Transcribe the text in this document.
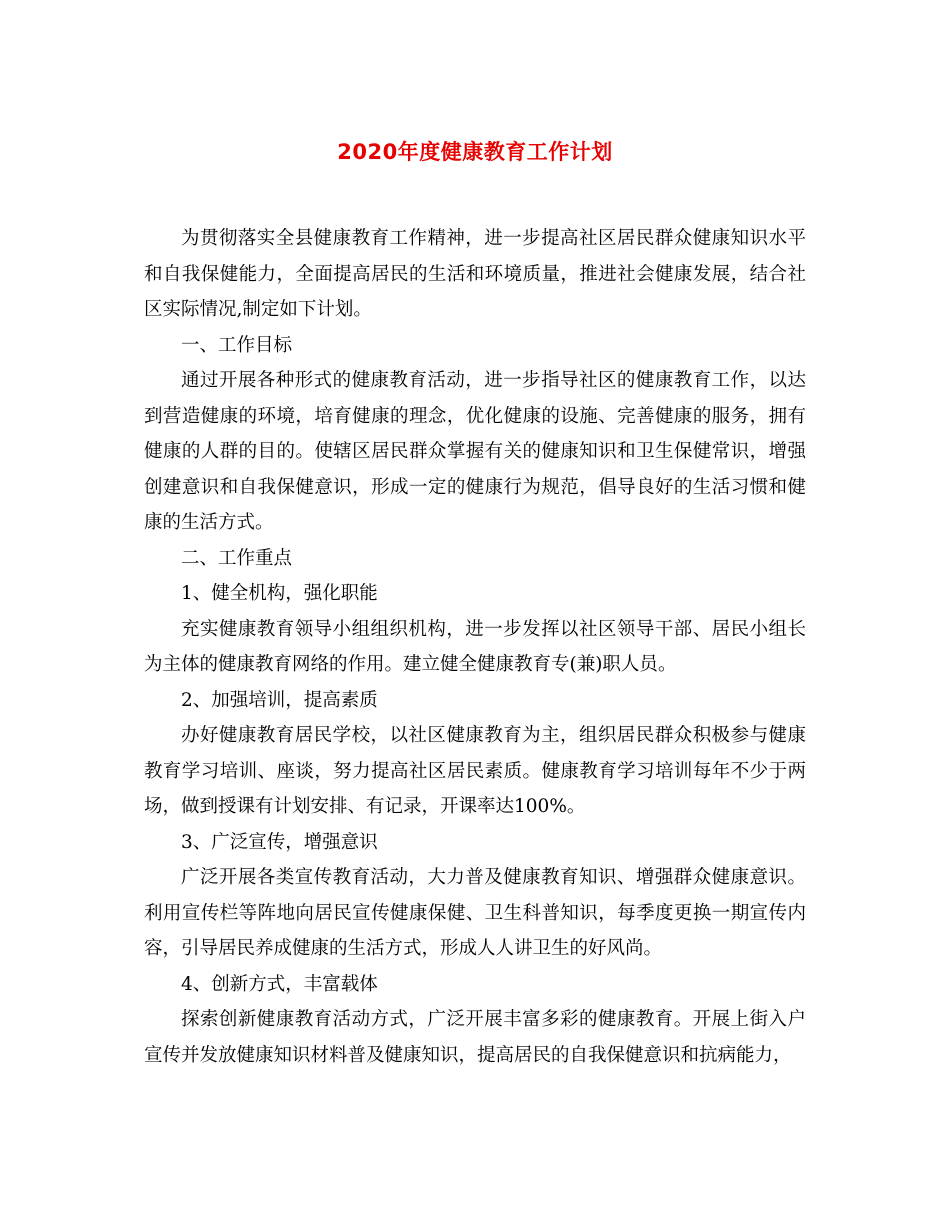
2020年度健康教育工作计划

为贯彻落实全县健康教育工作精神，进一步提高社区居民群众健康知识水平和自我保健能力，全面提高居民的生活和环境质量，推进社会健康发展，结合社区实际情况,制定如下计划。

一、工作目标

通过开展各种形式的健康教育活动，进一步指导社区的健康教育工作，以达到营造健康的环境，培育健康的理念，优化健康的设施、完善健康的服务，拥有健康的人群的目的。使辖区居民群众掌握有关的健康知识和卫生保健常识，增强创建意识和自我保健意识，形成一定的健康行为规范，倡导良好的生活习惯和健康的生活方式。

二、工作重点

1、健全机构，强化职能

充实健康教育领导小组组织机构，进一步发挥以社区领导干部、居民小组长为主体的健康教育网络的作用。建立健全健康教育专(兼)职人员。

2、加强培训，提高素质

办好健康教育居民学校，以社区健康教育为主，组织居民群众积极参与健康教育学习培训、座谈，努力提高社区居民素质。健康教育学习培训每年不少于两场，做到授课有计划安排、有记录，开课率达100%。

3、广泛宣传，增强意识

广泛开展各类宣传教育活动，大力普及健康教育知识、增强群众健康意识。利用宣传栏等阵地向居民宣传健康保健、卫生科普知识，每季度更换一期宣传内容，引导居民养成健康的生活方式，形成人人讲卫生的好风尚。

4、创新方式，丰富载体

探索创新健康教育活动方式，广泛开展丰富多彩的健康教育。开展上街入户宣传并发放健康知识材料普及健康知识，提高居民的自我保健意识和抗病能力，
